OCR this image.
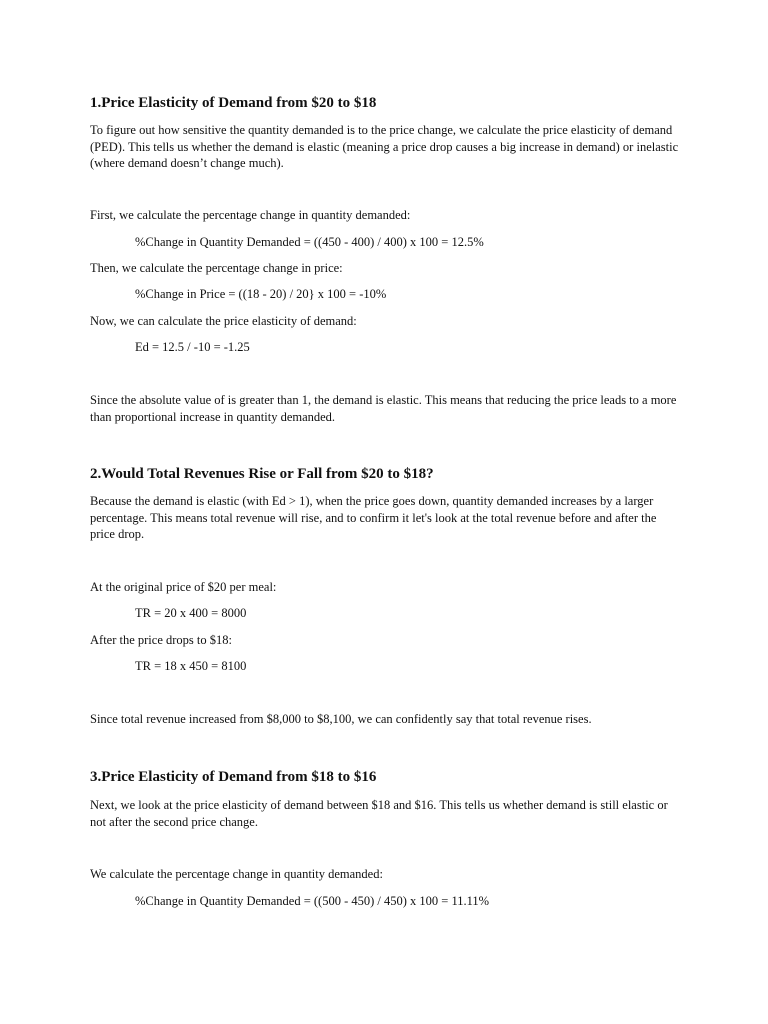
1.Price Elasticity of Demand from $20 to $18

To figure out how sensitive the quantity demanded is to the price change, we calculate the price elasticity of demand (PED). This tells us whether the demand is elastic (meaning a price drop causes a big increase in demand) or inelastic (where demand doesn’t change much).

First, we calculate the percentage change in quantity demanded:

%Change in Quantity Demanded = ((450 - 400) / 400) x 100 = 12.5%

Then, we calculate the percentage change in price:

%Change in Price = ((18 - 20) / 20} x 100 = -10%

Now, we can calculate the price elasticity of demand:

Ed = 12.5 / -10 = -1.25

Since the absolute value of is greater than 1, the demand is elastic. This means that reducing the price leads to a more than proportional increase in quantity demanded.

2.Would Total Revenues Rise or Fall from $20 to $18?

Because the demand is elastic (with Ed > 1), when the price goes down, quantity demanded increases by a larger percentage. This means total revenue will rise, and to confirm it let's look at the total revenue before and after the price drop.

At the original price of $20 per meal:

TR = 20 x 400 = 8000

After the price drops to $18:

TR = 18 x 450 = 8100

Since total revenue increased from $8,000 to $8,100, we can confidently say that total revenue rises.

3.Price Elasticity of Demand from $18 to $16

Next, we look at the price elasticity of demand between $18 and $16. This tells us whether demand is still elastic or not after the second price change.

We calculate the percentage change in quantity demanded:

%Change in Quantity Demanded = ((500 - 450) / 450) x 100 = 11.11%
